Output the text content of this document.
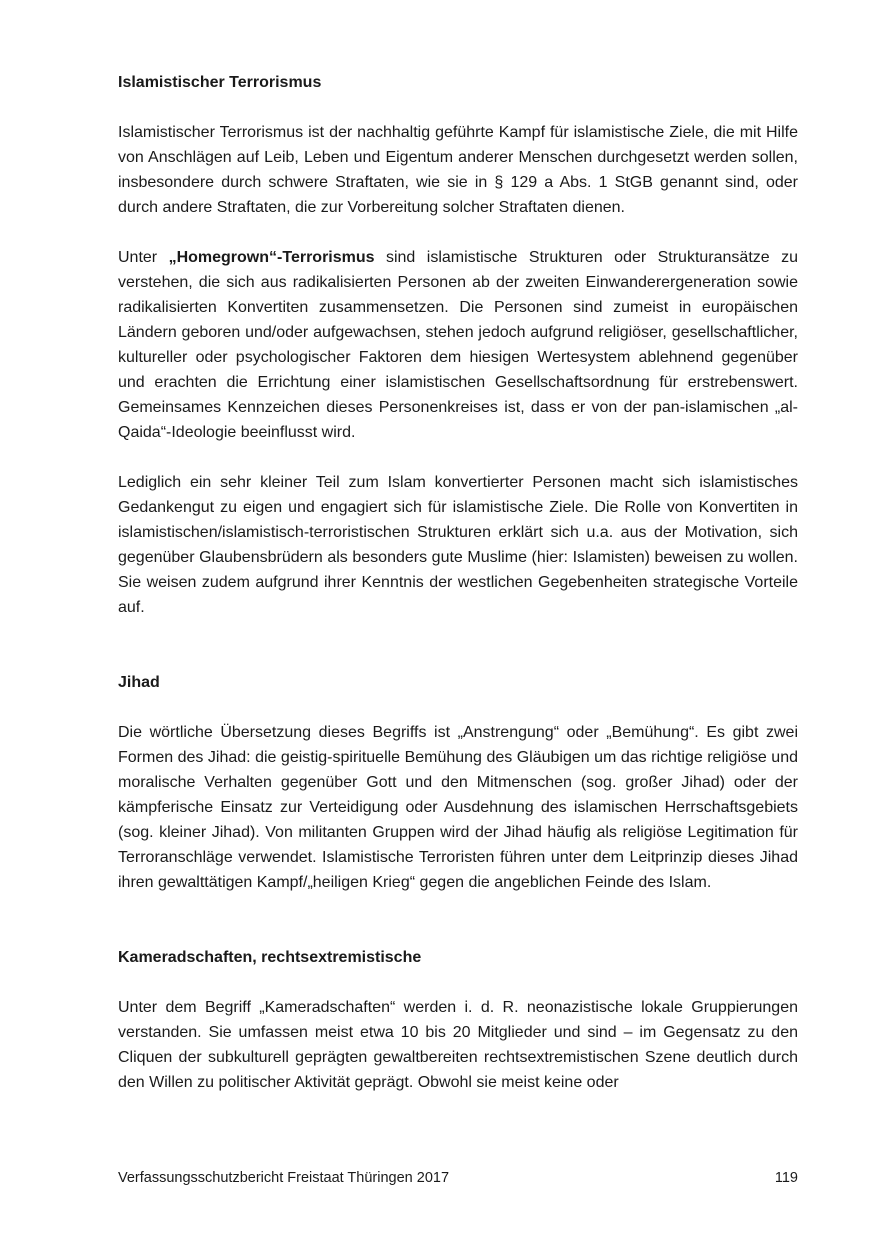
Islamistischer Terrorismus

Islamistischer Terrorismus ist der nachhaltig geführte Kampf für islamistische Ziele, die mit Hilfe von Anschlägen auf Leib, Leben und Eigentum anderer Menschen durchgesetzt werden sollen, insbesondere durch schwere Straftaten, wie sie in § 129 a Abs. 1 StGB genannt sind, oder durch andere Straftaten, die zur Vorbereitung solcher Straftaten dienen.

Unter „Homegrown“-Terrorismus sind islamistische Strukturen oder Strukturansätze zu verstehen, die sich aus radikalisierten Personen ab der zweiten Einwanderergeneration sowie radikalisierten Konvertiten zusammensetzen. Die Personen sind zumeist in europäischen Ländern geboren und/oder aufgewachsen, stehen jedoch aufgrund religiöser, gesellschaftlicher, kultureller oder psychologischer Faktoren dem hiesigen Wertesystem ablehnend gegenüber und erachten die Errichtung einer islamistischen Gesellschaftsordnung für erstrebenswert. Gemeinsames Kennzeichen dieses Personenkreises ist, dass er von der pan-islamischen „al-Qaida“-Ideologie beeinflusst wird.

Lediglich ein sehr kleiner Teil zum Islam konvertierter Personen macht sich islamistisches Gedankengut zu eigen und engagiert sich für islamistische Ziele. Die Rolle von Konvertiten in islamistischen/islamistisch-terroristischen Strukturen erklärt sich u.a. aus der Motivation, sich gegenüber Glaubensbrüdern als besonders gute Muslime (hier: Islamisten) beweisen zu wollen. Sie weisen zudem aufgrund ihrer Kenntnis der westlichen Gegebenheiten strategische Vorteile auf.

Jihad

Die wörtliche Übersetzung dieses Begriffs ist „Anstrengung“ oder „Bemühung“. Es gibt zwei Formen des Jihad: die geistig-spirituelle Bemühung des Gläubigen um das richtige religiöse und moralische Verhalten gegenüber Gott und den Mitmenschen (sog. großer Jihad) oder der kämpferische Einsatz zur Verteidigung oder Ausdehnung des islamischen Herrschaftsgebiets (sog. kleiner Jihad). Von militanten Gruppen wird der Jihad häufig als religiöse Legitimation für Terroranschläge verwendet. Islamistische Terroristen führen unter dem Leitprinzip dieses Jihad ihren gewalttätigen Kampf/„heiligen Krieg“ gegen die angeblichen Feinde des Islam.

Kameradschaften, rechtsextremistische

Unter dem Begriff „Kameradschaften“ werden i. d. R. neonazistische lokale Gruppierungen verstanden. Sie umfassen meist etwa 10 bis 20 Mitglieder und sind – im Gegensatz zu den Cliquen der subkulturell geprägten gewaltbereiten rechtsextremistischen Szene deutlich durch den Willen zu politischer Aktivität geprägt. Obwohl sie meist keine oder

Verfassungsschutzbericht Freistaat Thüringen 2017	119
